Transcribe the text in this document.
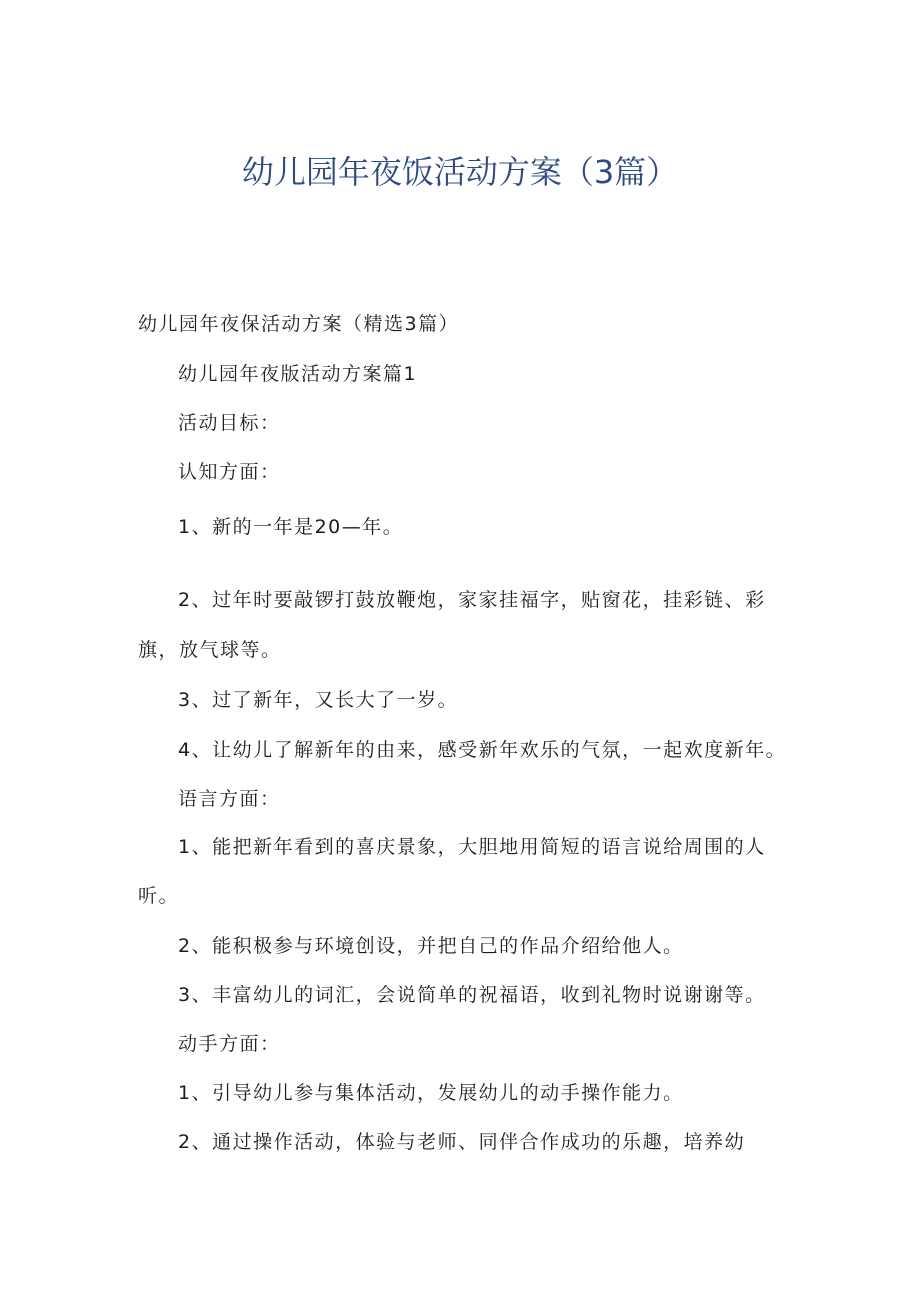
幼儿园年夜饭活动方案（3篇）

幼儿园年夜保活动方案（精选3篇）

幼儿园年夜版活动方案篇1

活动目标：

认知方面：

1、新的一年是20—年。

2、过年时要敲锣打鼓放鞭炮，家家挂福字，贴窗花，挂彩链、彩

旗，放气球等。

3、过了新年，又长大了一岁。

4、让幼儿了解新年的由来，感受新年欢乐的气氛，一起欢度新年。

语言方面：

1、能把新年看到的喜庆景象，大胆地用简短的语言说给周围的人

听。

2、能积极参与环境创设，并把自己的作品介绍给他人。

3、丰富幼儿的词汇，会说简单的祝福语，收到礼物时说谢谢等。

动手方面：

1、引导幼儿参与集体活动，发展幼儿的动手操作能力。

2、通过操作活动，体验与老师、同伴合作成功的乐趣，培养幼
